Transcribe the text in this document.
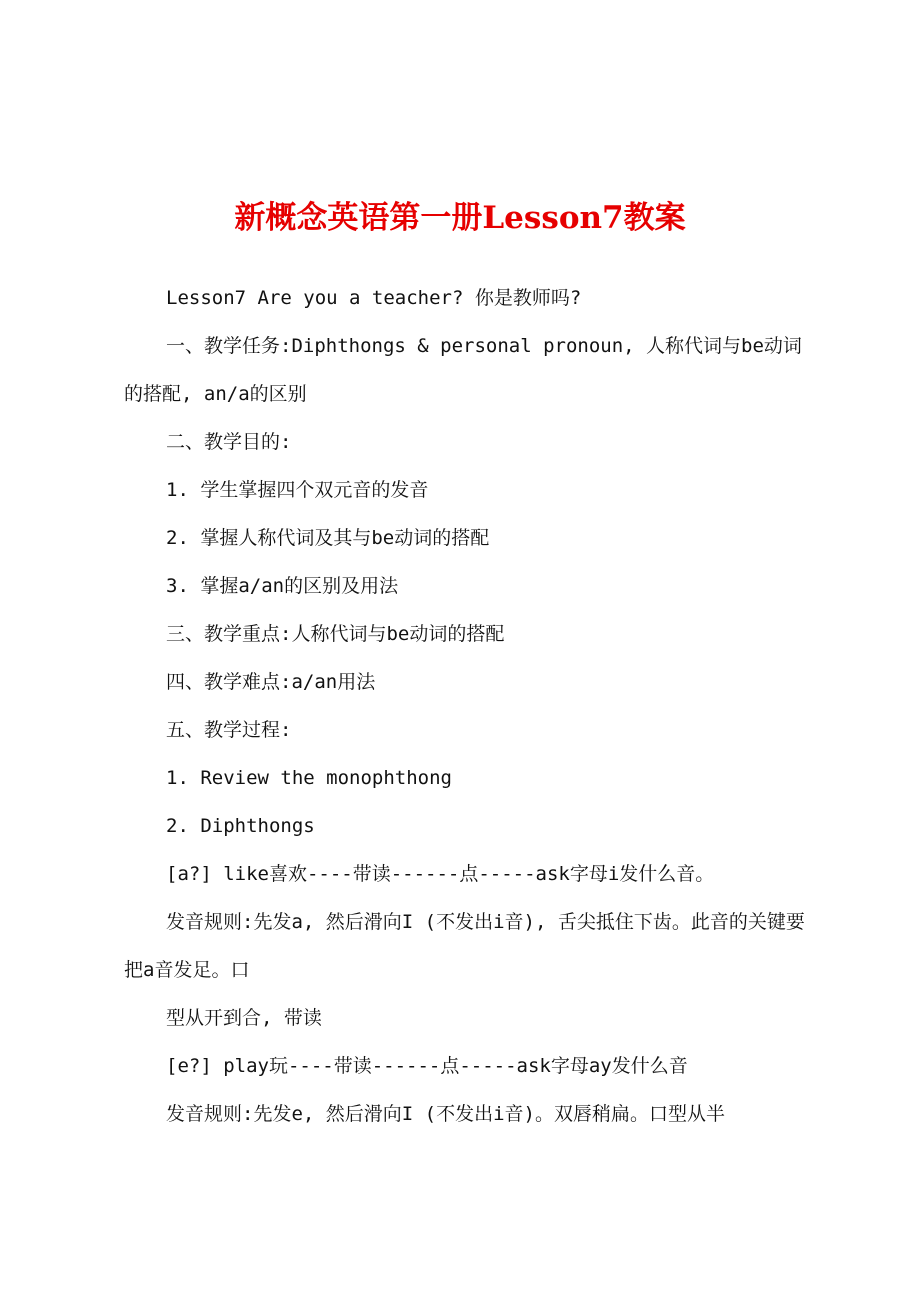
新概念英语第一册Lesson7教案

Lesson7 Are you a teacher? 你是教师吗?

一、教学任务:Diphthongs & personal pronoun, 人称代词与be动词的搭配, an/a的区别

二、教学目的:

1. 学生掌握四个双元音的发音

2. 掌握人称代词及其与be动词的搭配

3. 掌握a/an的区别及用法

三、教学重点:人称代词与be动词的搭配

四、教学难点:a/an用法

五、教学过程:

1. Review the monophthong

2. Diphthongs

[a?] like喜欢----带读------点-----ask字母i发什么音。

发音规则:先发a, 然后滑向I (不发出i音), 舌尖抵住下齿。此音的关键要把a音发足。口

型从开到合, 带读

[e?] play玩----带读------点-----ask字母ay发什么音

发音规则:先发e, 然后滑向I (不发出i音)。双唇稍扁。口型从半
